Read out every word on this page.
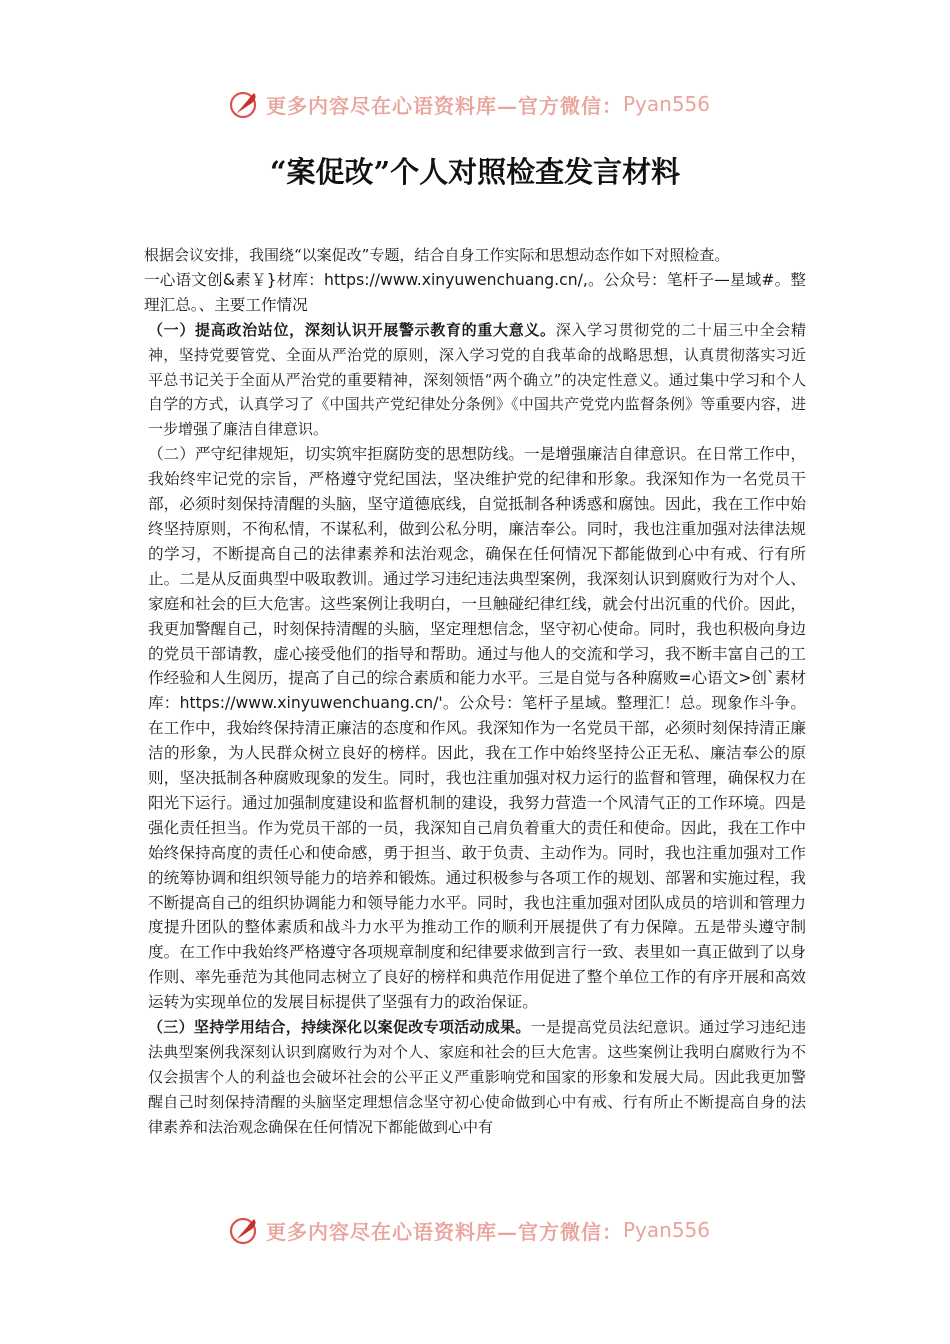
更多内容尽在心语资料库—官方微信： Pyan556
“案促改”个人对照检查发言材料

根据会议安排，我围绕“以案促改”专题，结合自身工作实际和思想动态作如下对照检查。

一心语文创&素￥}材库：https://www.xinyuwenchuang.cn/,。公众号：笔杆子—星域#。整理汇总。、主要工作情况

（一）提高政治站位，深刻认识开展警示教育的重大意义。深入学习贯彻党的二十届三中全会精神，坚持党要管党、全面从严治党的原则，深入学习党的自我革命的战略思想，认真贯彻落实习近平总书记关于全面从严治党的重要精神，深刻领悟“两个确立”的决定性意义。通过集中学习和个人自学的方式，认真学习了《中国共产党纪律处分条例》《中国共产党党内监督条例》等重要内容，进一步增强了廉洁自律意识。

（二）严守纪律规矩，切实筑牢拒腐防变的思想防线。一是增强廉洁自律意识。在日常工作中，我始终牢记党的宗旨，严格遵守党纪国法，坚决维护党的纪律和形象。我深知作为一名党员干部，必须时刻保持清醒的头脑，坚守道德底线，自觉抵制各种诱惑和腐蚀。因此，我在工作中始终坚持原则，不徇私情，不谋私利，做到公私分明，廉洁奉公。同时，我也注重加强对法律法规的学习，不断提高自己的法律素养和法治观念，确保在任何情况下都能做到心中有戒、行有所止。二是从反面典型中吸取教训。通过学习违纪违法典型案例，我深刻认识到腐败行为对个人、家庭和社会的巨大危害。这些案例让我明白，一旦触碰纪律红线，就会付出沉重的代价。因此，我更加警醒自己，时刻保持清醒的头脑，坚定理想信念，坚守初心使命。同时，我也积极向身边的党员干部请教，虚心接受他们的指导和帮助。通过与他人的交流和学习，我不断丰富自己的工作经验和人生阅历，提高了自己的综合素质和能力水平。三是自觉与各种腐败=心语文>创`素材库：https://www.xinyuwenchuang.cn/'。公众号：笔杆子星域。整理汇！总。现象作斗争。在工作中，我始终保持清正廉洁的态度和作风。我深知作为一名党员干部，必须时刻保持清正廉洁的形象，为人民群众树立良好的榜样。因此，我在工作中始终坚持公正无私、廉洁奉公的原则，坚决抵制各种腐败现象的发生。同时，我也注重加强对权力运行的监督和管理，确保权力在阳光下运行。通过加强制度建设和监督机制的建设，我努力营造一个风清气正的工作环境。四是强化责任担当。作为党员干部的一员，我深知自己肩负着重大的责任和使命。因此，我在工作中始终保持高度的责任心和使命感，勇于担当、敢于负责、主动作为。同时，我也注重加强对工作的统筹协调和组织领导能力的培养和锻炼。通过积极参与各项工作的规划、部署和实施过程，我不断提高自己的组织协调能力和领导能力水平。同时，我也注重加强对团队成员的培训和管理力度提升团队的整体素质和战斗力水平为推动工作的顺利开展提供了有力保障。五是带头遵守制度。在工作中我始终严格遵守各项规章制度和纪律要求做到言行一致、表里如一真正做到了以身作则、率先垂范为其他同志树立了良好的榜样和典范作用促进了整个单位工作的有序开展和高效运转为实现单位的发展目标提供了坚强有力的政治保证。

（三）坚持学用结合，持续深化以案促改专项活动成果。一是提高党员法纪意识。通过学习违纪违法典型案例我深刻认识到腐败行为对个人、家庭和社会的巨大危害。这些案例让我明白腐败行为不仅会损害个人的利益也会破坏社会的公平正义严重影响党和国家的形象和发展大局。因此我更加警醒自己时刻保持清醒的头脑坚定理想信念坚守初心使命做到心中有戒、行有所止不断提高自身的法律素养和法治观念确保在任何情况下都能做到心中有

更多内容尽在心语资料库—官方微信： Pyan556
